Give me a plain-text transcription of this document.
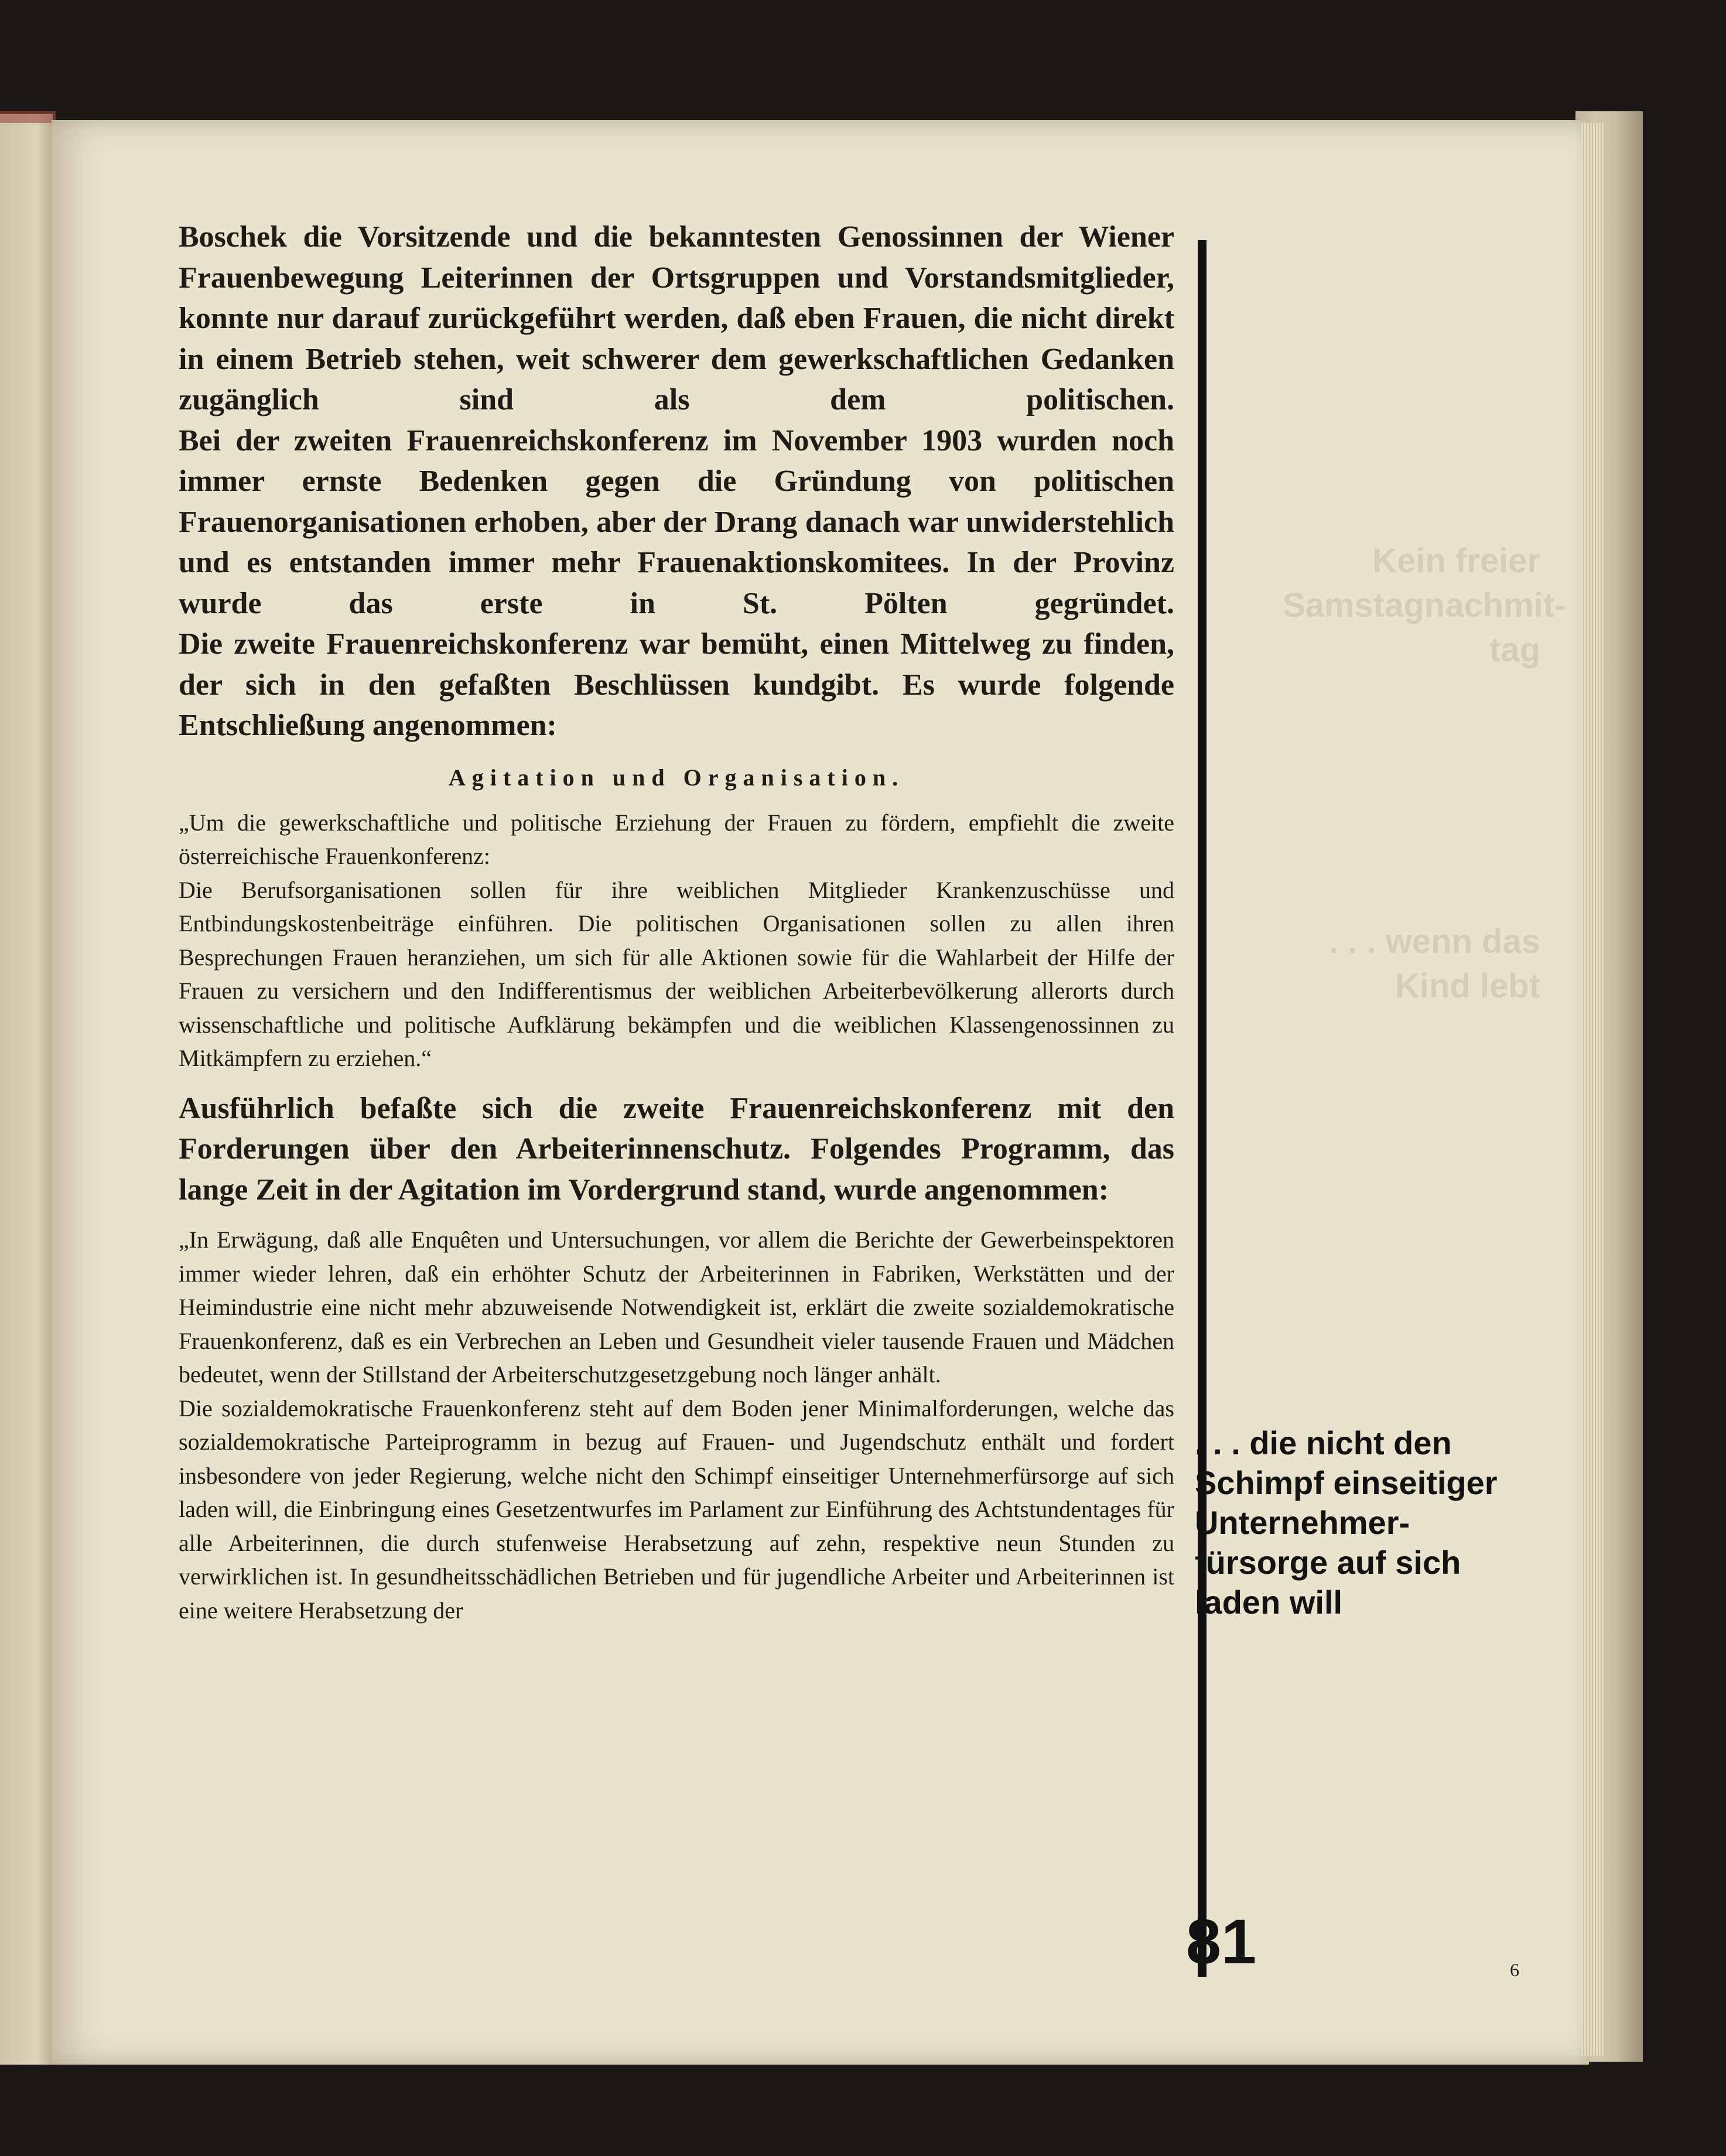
Kein freier
Samstagnachmit-
tag
. . . wenn das
Kind lebt

Boschek die Vorsitzende und die bekanntesten Genossinnen der Wiener Frauenbewegung Leiterinnen der Ortsgruppen und Vorstandsmitglieder, konnte nur darauf zurückgeführt werden, daß eben Frauen, die nicht direkt in einem Betrieb stehen, weit schwerer dem gewerkschaftlichen Gedanken zugänglich sind als dem politischen.

Bei der zweiten Frauenreichskonferenz im November 1903 wurden noch immer ernste Bedenken gegen die Gründung von politischen Frauenorganisationen erhoben, aber der Drang danach war unwiderstehlich und es entstanden immer mehr Frauenaktionskomitees. In der Provinz wurde das erste in St. Pölten gegründet.

Die zweite Frauenreichskonferenz war bemüht, einen Mittelweg zu finden, der sich in den gefaßten Beschlüssen kundgibt. Es wurde folgende Entschließung angenommen:

Agitation und Organisation.

„Um die gewerkschaftliche und politische Erziehung der Frauen zu fördern, empfiehlt die zweite österreichische Frauenkonferenz:

Die Berufsorganisationen sollen für ihre weiblichen Mitglieder Krankenzuschüsse und Entbindungskostenbeiträge einführen. Die politischen Organisationen sollen zu allen ihren Besprechungen Frauen heranziehen, um sich für alle Aktionen sowie für die Wahlarbeit der Hilfe der Frauen zu versichern und den Indifferentismus der weiblichen Arbeiterbevölkerung allerorts durch wissenschaftliche und politische Aufklärung bekämpfen und die weiblichen Klassengenossinnen zu Mitkämpfern zu erziehen.“

Ausführlich befaßte sich die zweite Frauenreichskonferenz mit den Forderungen über den Arbeiterinnenschutz. Folgendes Programm, das lange Zeit in der Agitation im Vordergrund stand, wurde angenommen:

„In Erwägung, daß alle Enquêten und Untersuchungen, vor allem die Berichte der Gewerbeinspektoren immer wieder lehren, daß ein erhöhter Schutz der Arbeiterinnen in Fabriken, Werkstätten und der Heimindustrie eine nicht mehr abzuweisende Notwendigkeit ist, erklärt die zweite sozialdemokratische Frauenkonferenz, daß es ein Verbrechen an Leben und Gesundheit vieler tausende Frauen und Mädchen bedeutet, wenn der Stillstand der Arbeiterschutzgesetzgebung noch länger anhält.

Die sozialdemokratische Frauenkonferenz steht auf dem Boden jener Minimalforderungen, welche das sozialdemokratische Parteiprogramm in bezug auf Frauen- und Jugendschutz enthält und fordert insbesondere von jeder Regierung, welche nicht den Schimpf einseitiger Unternehmerfürsorge auf sich laden will, die Einbringung eines Gesetzentwurfes im Parlament zur Einführung des Achtstundentages für alle Arbeiterinnen, die durch stufenweise Herabsetzung auf zehn, respektive neun Stunden zu verwirklichen ist. In gesundheitsschädlichen Betrieben und für jugendliche Arbeiter und Arbeiterinnen ist eine weitere Herabsetzung der

. . . die nicht den
Schimpf einseitiger
Unternehmer-
fürsorge auf sich
laden will
81	6
